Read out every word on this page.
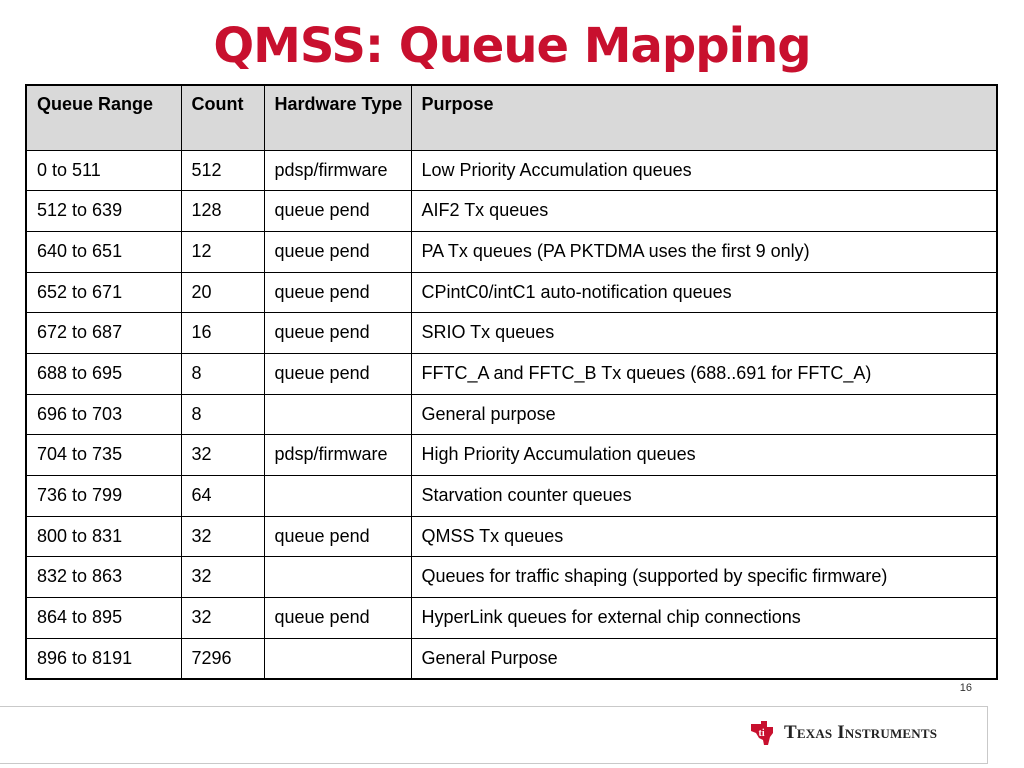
QMSS: Queue Mapping
Queue Range	Count	Hardware Type	Purpose
0 to 511	512	pdsp/firmware	Low Priority Accumulation queues
512 to 639	128	queue pend	AIF2 Tx queues
640 to 651	12	queue pend	PA Tx queues (PA PKTDMA uses the first 9 only)
652 to 671	20	queue pend	CPintC0/intC1 auto-notification queues
672 to 687	16	queue pend	SRIO Tx queues
688 to 695	8	queue pend	FFTC_A and FFTC_B Tx queues (688..691 for FFTC_A)
696 to 703	8		General purpose
704 to 735	32	pdsp/firmware	High Priority Accumulation queues
736 to 799	64		Starvation counter queues
800 to 831	32	queue pend	QMSS Tx queues
832 to 863	32		Queues for traffic shaping (supported by specific firmware)
864 to 895	32	queue pend	HyperLink queues for external chip connections
896 to 8191	7296		General Purpose
16
ti Texas Instruments
